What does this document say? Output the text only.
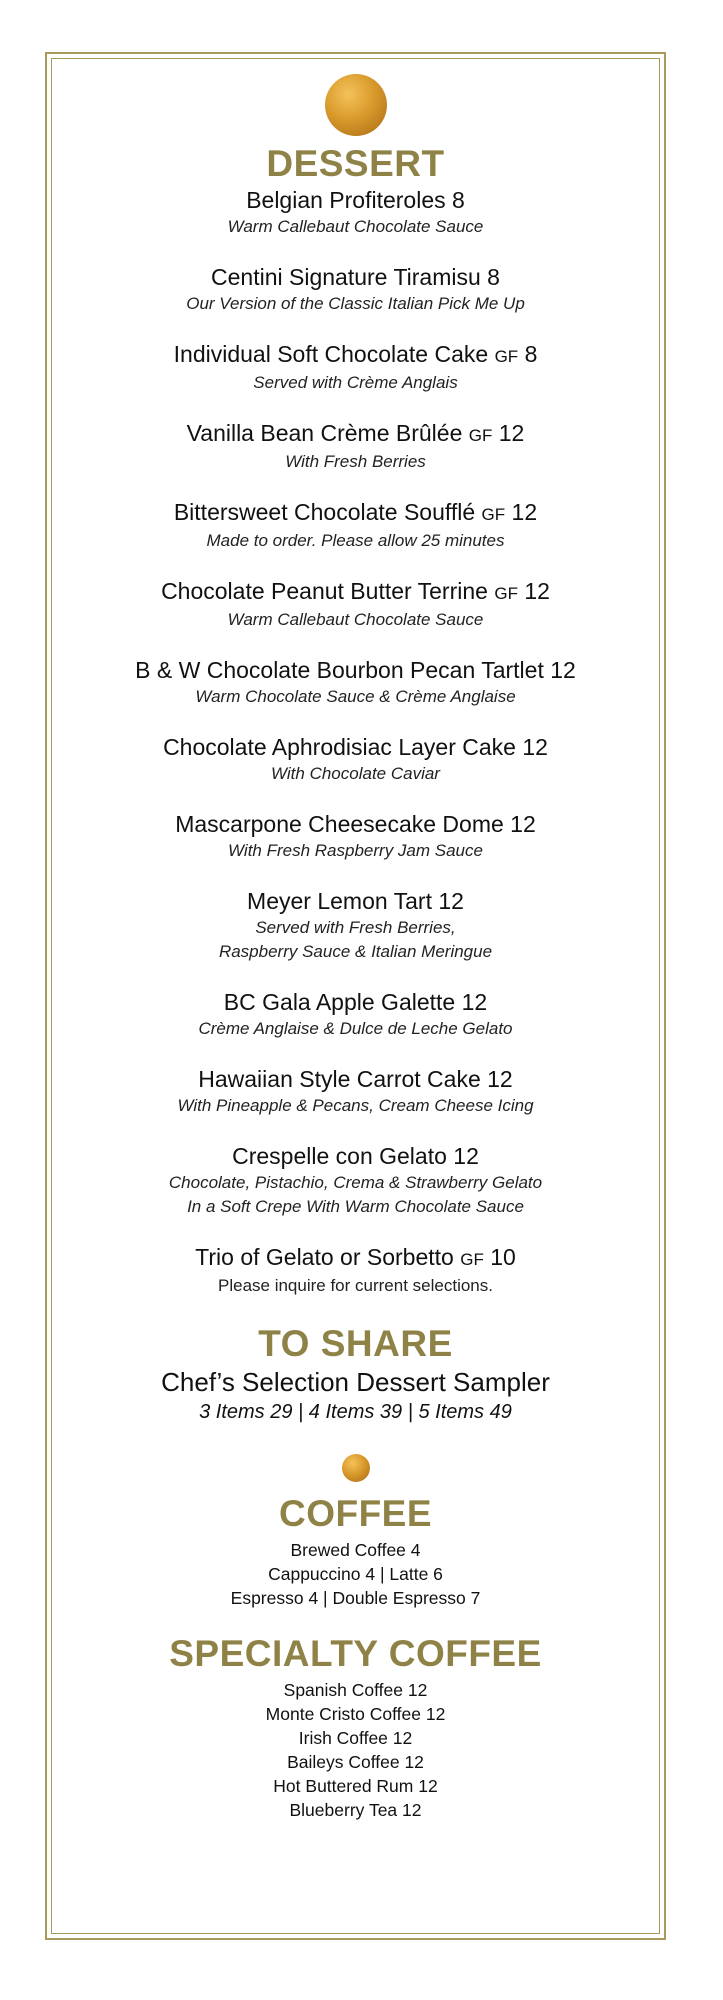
DESSERT
Belgian Profiteroles 8
Warm Callebaut Chocolate Sauce
Centini Signature Tiramisu 8
Our Version of the Classic Italian Pick Me Up
Individual Soft Chocolate Cake GF 8
Served with Crème Anglais
Vanilla Bean Crème Brûlée GF 12
With Fresh Berries
Bittersweet Chocolate Soufflé GF 12
Made to order. Please allow 25 minutes
Chocolate Peanut Butter Terrine GF 12
Warm Callebaut Chocolate Sauce
B & W Chocolate Bourbon Pecan Tartlet 12
Warm Chocolate Sauce & Crème Anglaise
Chocolate Aphrodisiac Layer Cake 12
With Chocolate Caviar
Mascarpone Cheesecake Dome 12
With Fresh Raspberry Jam Sauce
Meyer Lemon Tart 12
Served with Fresh Berries,
Raspberry Sauce & Italian Meringue
BC Gala Apple Galette 12
Crème Anglaise & Dulce de Leche Gelato
Hawaiian Style Carrot Cake 12
With Pineapple & Pecans, Cream Cheese Icing
Crespelle con Gelato 12
Chocolate, Pistachio, Crema & Strawberry Gelato
In a Soft Crepe With Warm Chocolate Sauce
Trio of Gelato or Sorbetto GF 10
Please inquire for current selections.
TO SHARE
Chef’s Selection Dessert Sampler
3 Items 29 | 4 Items 39 | 5 Items 49
COFFEE
Brewed Coffee 4
Cappuccino 4 | Latte 6
Espresso 4 | Double Espresso 7
SPECIALTY COFFEE
Spanish Coffee 12
Monte Cristo Coffee 12
Irish Coffee 12
Baileys Coffee 12
Hot Buttered Rum 12
Blueberry Tea 12
